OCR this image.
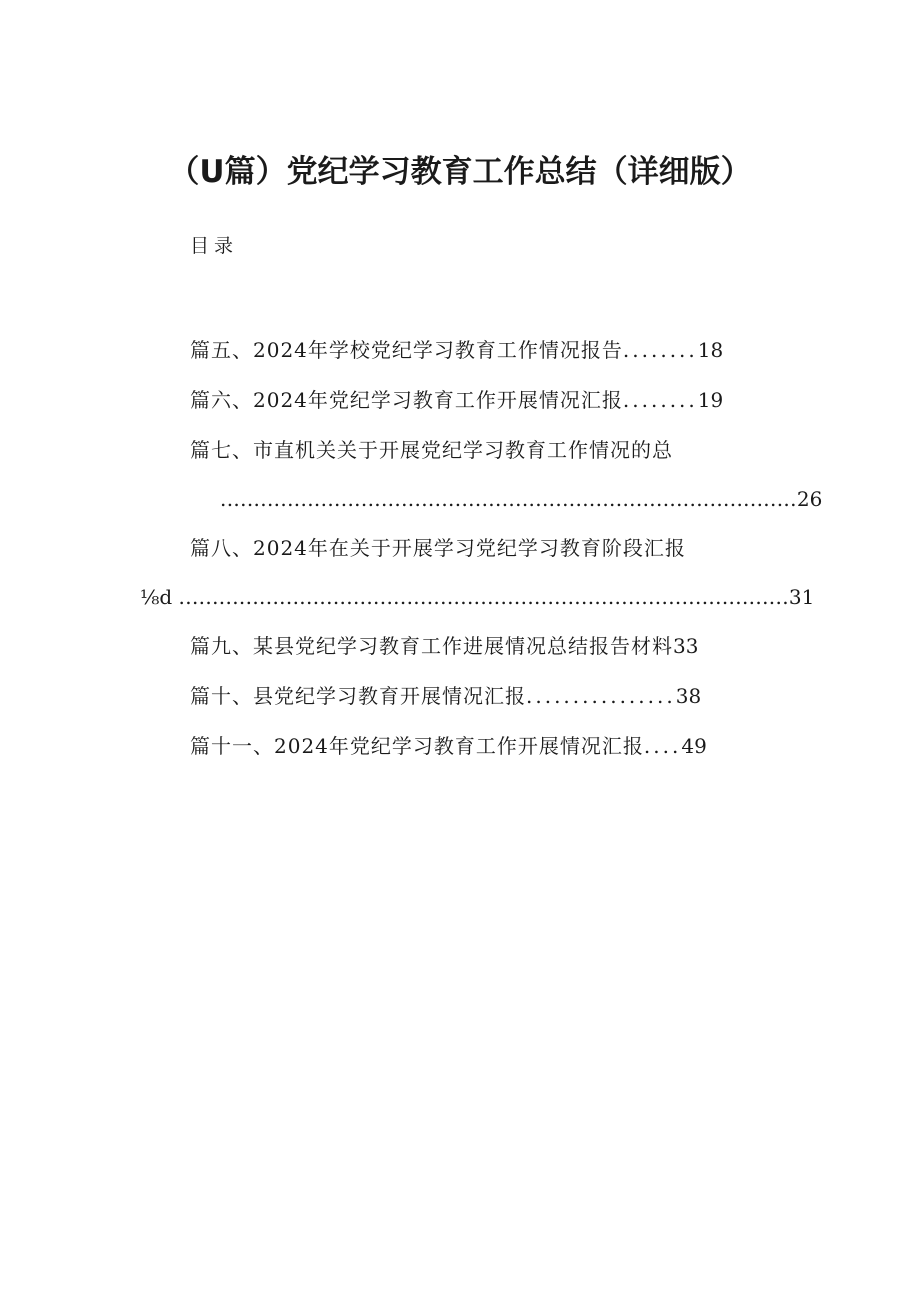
（U篇）党纪学习教育工作总结（详细版）
目录
篇五、2024年学校党纪学习教育工作情况报告........18
篇六、2024年党纪学习教育工作开展情况汇报........19
篇七、市直机关关于开展党纪学习教育工作情况的总
......................................................................................26
篇八、2024年在关于开展学习党纪学习教育阶段汇报
⅛d ...........................................................................................31
篇九、某县党纪学习教育工作进展情况总结报告材料33
篇十、县党纪学习教育开展情况汇报................38
篇十一、2024年党纪学习教育工作开展情况汇报....49
